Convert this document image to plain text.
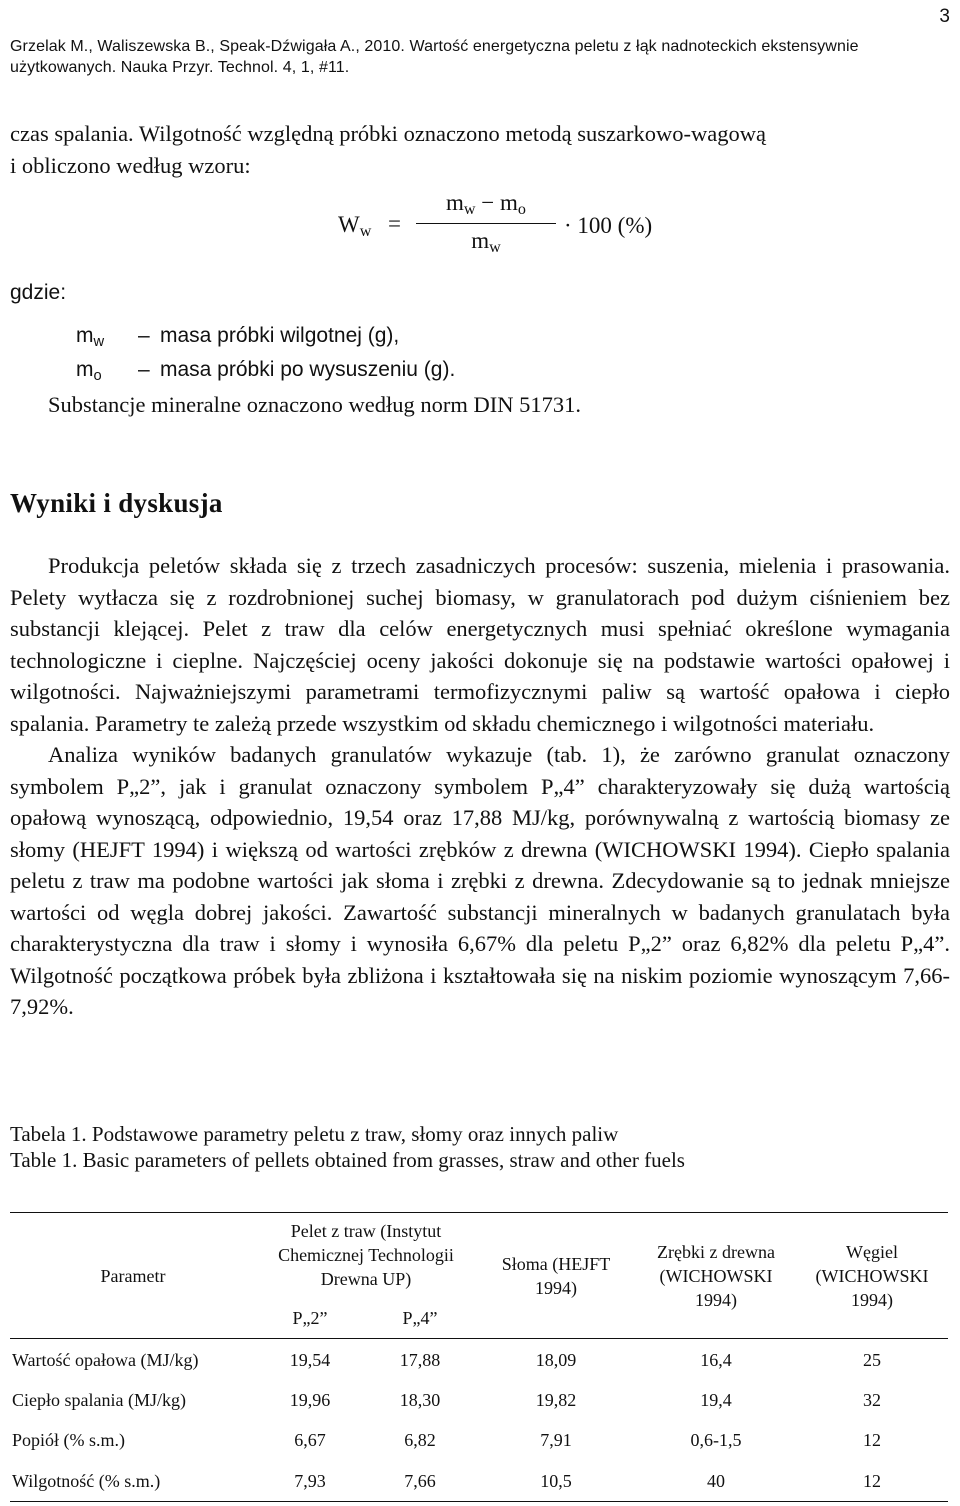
3
Grzelak M., Waliszewska B., Speak-Dźwigała A., 2010. Wartość energetyczna peletu z łąk nadnoteckich ekstensywnie użytkowanych. Nauka Przyr. Technol. 4, 1, #11.
czas spalania. Wilgotność względną próbki oznaczono metodą suszarkowo-wagową
i obliczono według wzoru:
$W_w$ =
$m_w - m_o$
$m_w$
· 100 (%)
gdzie:
$m_w$	– masa próbki wilgotnej (g),
$m_o$	– masa próbki po wysuszeniu (g).
Substancje mineralne oznaczono według norm DIN 51731.
Wyniki i dyskusja
Produkcja peletów składa się z trzech zasadniczych procesów: suszenia, mielenia i prasowania. Pelety wytłacza się z rozdrobnionej suchej biomasy, w granulatorach pod dużym ciśnieniem bez substancji klejącej. Pelet z traw dla celów energetycznych musi spełniać określone wymagania technologiczne i cieplne. Najczęściej oceny jakości dokonuje się na podstawie wartości opałowej i wilgotności. Najważniejszymi parametrami termofizycznymi paliw są wartość opałowa i ciepło spalania. Parametry te zależą przede wszystkim od składu chemicznego i wilgotności materiału.
Analiza wyników badanych granulatów wykazuje (tab. 1), że zarówno granulat oznaczony symbolem P„2”, jak i granulat oznaczony symbolem P„4” charakteryzowały się dużą wartością opałową wynoszącą, odpowiednio, 19,54 oraz 17,88 MJ/kg, porównywalną z wartością biomasy ze słomy (HEJFT 1994) i większą od wartości zrębków z drewna (WICHOWSKI 1994). Ciepło spalania peletu z traw ma podobne wartości jak słoma i zrębki z drewna. Zdecydowanie są to jednak mniejsze wartości od węgla dobrej jakości. Zawartość substancji mineralnych w badanych granulatach była charakterystyczna dla traw i słomy i wynosiła 6,67% dla peletu P„2” oraz 6,82% dla peletu P„4”. Wilgotność początkowa próbek była zbliżona i kształtowała się na niskim poziomie wynoszącym 7,66-7,92%.
Tabela 1. Podstawowe parametry peletu z traw, słomy oraz innych paliw
Table 1. Basic parameters of pellets obtained from grasses, straw and other fuels
Parametr	Pelet z traw (Instytut Chemicznej Technologii Drewna UP)		Słoma (HEJFT 1994)	Zrębki z drewna (WICHOWSKI 1994)	Węgiel (WICHOWSKI 1994)
	P„2”	P„4”			
Wartość opałowa (MJ/kg)	19,54	17,88	18,09	16,4	25
Ciepło spalania (MJ/kg)	19,96	18,30	19,82	19,4	32
Popiół (% s.m.)	6,67	6,82	7,91	0,6-1,5	12
Wilgotność (% s.m.)	7,93	7,66	10,5	40	12
